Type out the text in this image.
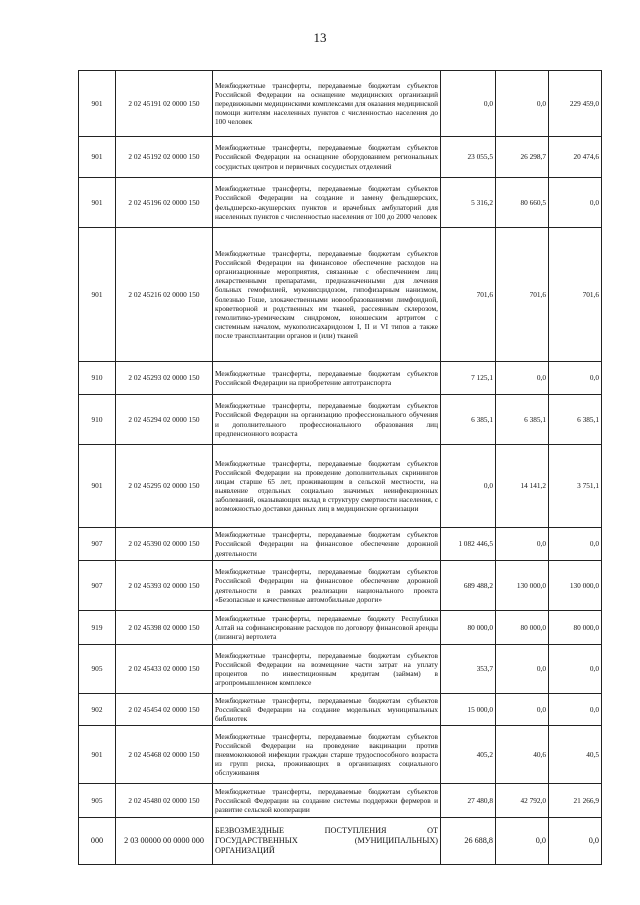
13
901	2 02 45191 02 0000 150	Межбюджетные трансферты, передаваемые бюджетам субъектов Российской Федерации на оснащение медицинских организаций передвижными медицинскими комплексами для оказания медицинской помощи жителям населенных пунктов с численностью населения до 100 человек	0,0	0,0	229 459,0
901	2 02 45192 02 0000 150	Межбюджетные трансферты, передаваемые бюджетам субъектов Российской Федерации на оснащение оборудованием региональных сосудистых центров и первичных сосудистых отделений	23 055,5	26 298,7	20 474,6
901	2 02 45196 02 0000 150	Межбюджетные трансферты, передаваемые бюджетам субъектов Российской Федерации на создание и замену фельдшерских, фельдшерско-акушерских пунктов и врачебных амбулаторий для населенных пунктов с численностью населения от 100 до 2000 человек	5 316,2	80 660,5	0,0
901	2 02 45216 02 0000 150	Межбюджетные трансферты, передаваемые бюджетам субъектов Российской Федерации на финансовое обеспечение расходов на организационные мероприятия, связанные с обеспечением лиц лекарственными препаратами, предназначенными для лечения больных гемофилией, муковисцидозом, гипофизарным нанизмом, болезнью Гоше, злокачественными новообразованиями лимфоидной, кроветворной и родственных им тканей, рассеянным склерозом, гемолитико-уремическим синдромом, юношеским артритом с системным началом, мукополисахаридозом I, II и VI типов а также после трансплантации органов и (или) тканей	701,6	701,6	701,6
910	2 02 45293 02 0000 150	Межбюджетные трансферты, передаваемые бюджетам субъектов Российской Федерации на приобретение автотранспорта	7 125,1	0,0	0,0
910	2 02 45294 02 0000 150	Межбюджетные трансферты, передаваемые бюджетам субъектов Российской Федерации на организацию профессионального обучения и дополнительного профессионального образования лиц предпенсионного возраста	6 385,1	6 385,1	6 385,1
901	2 02 45295 02 0000 150	Межбюджетные трансферты, передаваемые бюджетам субъектов Российской Федерации на проведение дополнительных скринингов лицам старше 65 лет, проживающим в сельской местности, на выявление отдельных социально значимых неинфекционных заболеваний, оказывающих вклад в структуру смертности населения, с возможностью доставки данных лиц в медицинские организации	0,0	14 141,2	3 751,1
907	2 02 45390 02 0000 150	Межбюджетные трансферты, передаваемые бюджетам субъектов Российской Федерации на финансовое обеспечение дорожной деятельности	1 082 446,5	0,0	0,0
907	2 02 45393 02 0000 150	Межбюджетные трансферты, передаваемые бюджетам субъектов Российской Федерации на финансовое обеспечение дорожной деятельности в рамках реализации национального проекта «Безопасные и качественные автомобильные дороги»	689 488,2	130 000,0	130 000,0
919	2 02 45398 02 0000 150	Межбюджетные трансферты, передаваемые бюджету Республики Алтай на софинансирование расходов по договору финансовой аренды (лизинга) вертолета	80 000,0	80 000,0	80 000,0
905	2 02 45433 02 0000 150	Межбюджетные трансферты, передаваемые бюджетам субъектов Российской Федерации на возмещение части затрат на уплату процентов по инвестиционным кредитам (займам) в агропромышленном комплексе	353,7	0,0	0,0
902	2 02 45454 02 0000 150	Межбюджетные трансферты, передаваемые бюджетам субъектов Российской Федерации на создание модельных муниципальных библиотек	15 000,0	0,0	0,0
901	2 02 45468 02 0000 150	Межбюджетные трансферты, передаваемые бюджетам субъектов Российской Федерации на проведение вакцинации против пневмококковой инфекции граждан старше трудоспособного возраста из групп риска, проживающих в организациях социального обслуживания	405,2	40,6	40,5
905	2 02 45480 02 0000 150	Межбюджетные трансферты, передаваемые бюджетам субъектов Российской Федерации на создание системы поддержки фермеров и развитие сельской кооперации	27 480,8	42 792,0	21 266,9
000	2 03 00000 00 0000 000	БЕЗВОЗМЕЗДНЫЕ ПОСТУПЛЕНИЯ ОТ ГОСУДАРСТВЕННЫХ (МУНИЦИПАЛЬНЫХ) ОРГАНИЗАЦИЙ	26 688,8	0,0	0,0
